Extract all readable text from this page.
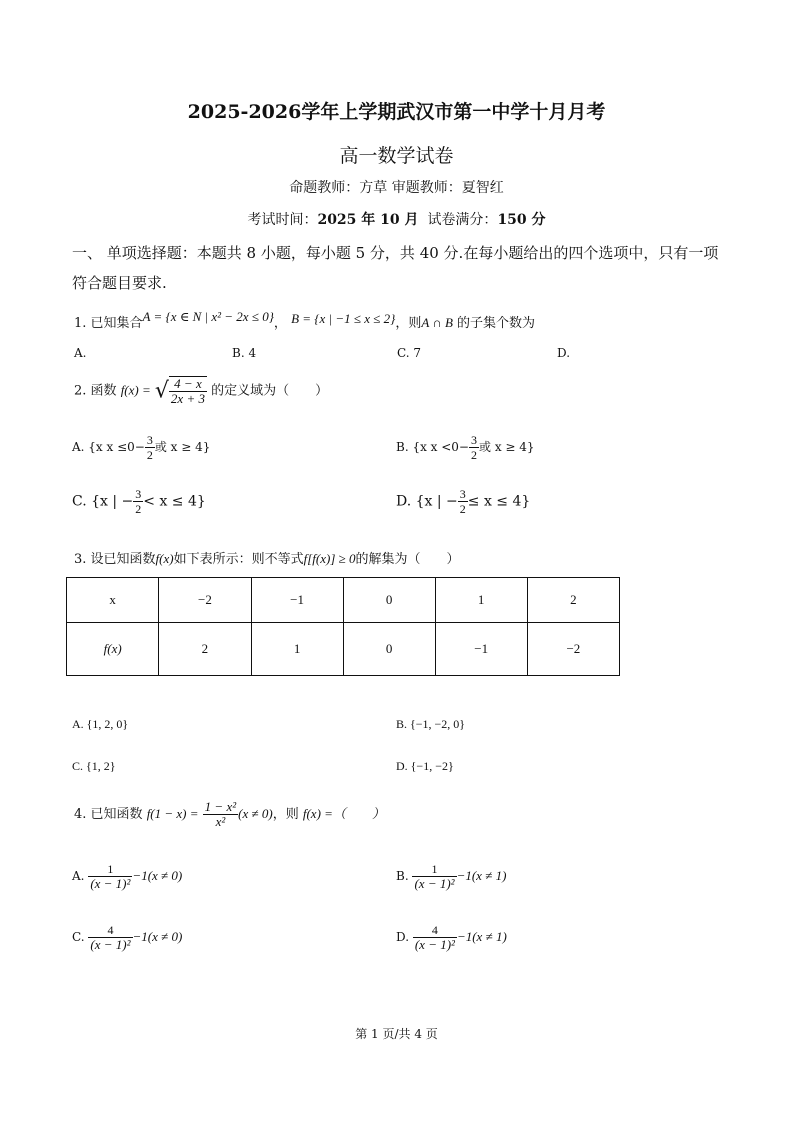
2025-2026学年上学期武汉市第一中学十月月考
高一数学试卷
命题教师：方草 审题教师：夏智红
考试时间：2025 年 10 月 试卷满分：150 分
一、 单项选择题：本题共 8 小题，每小题 5 分，共 40 分.在每小题给出的四个选项中，只有一项符合题目要求.
1. 已知集合A = {x ∈ N | x² − 2x ≤ 0}， B = {x | −1 ≤ x ≤ 2}，则A ∩ B 的子集个数为
A.	B. 4	C. 7	D.
2. 函数 f(x) = √ $\frac{4 - x}{2x + 3}$ 的定义域为（　　）
A. {x $x \le 0- \frac{3}{2}$ 或 x ≥ 4}	B. {x $x <0- \frac{3}{2}$ 或 x ≥ 4}
C. {x | − $\frac{3}{2} < x \le 4$}	D. {x | − $\frac{3}{2} \le x \le 4$}
3. 设已知函数f(x)如下表所示：则不等式f[f(x)] ≥ 0的解集为（　　）
x	−2	−1	0	1	2
f(x)	2	1	0	−1	−2
A. {1, 2, 0}	B. {−1, −2, 0}
C. {1, 2}	D. {−1, −2}
4. 已知函数 $f(1 - x) = \frac{\text{1 − x²}}{\text{x²}} (x \ne 0)$，则 f(x) =（　　）
A. $\frac{1}{\text{(x − 1)²}} -1(x \ne 0)$	B. $\frac{1}{\text{(x − 1)²}} -1(x \ne 1)$
C. $\frac{4}{\text{(x − 1)²}} -1(x \ne 0)$	D. $\frac{4}{\text{(x − 1)²}} -1(x \ne 1)$
第 1 页/共 4 页
